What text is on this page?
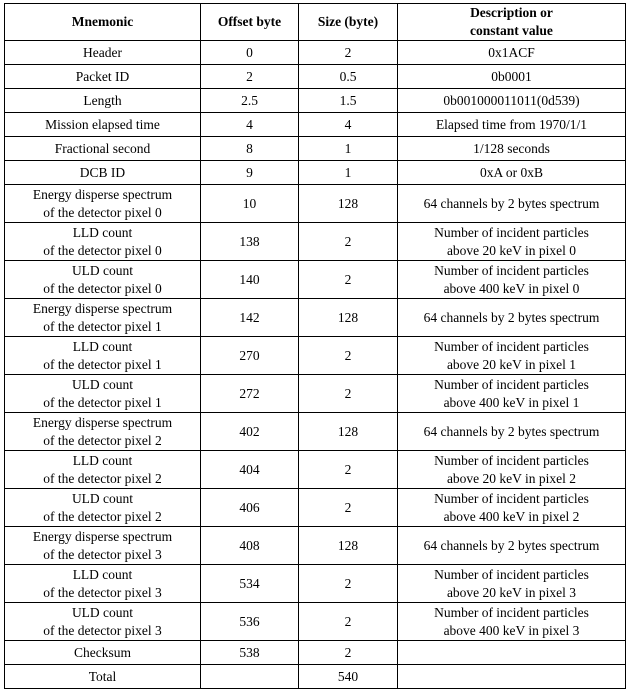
Mnemonic	Offset byte	Size (byte)	Description or
constant value
Header	0	2	0x1ACF
Packet ID	2	0.5	0b0001
Length	2.5	1.5	0b001000011011(0d539)
Mission elapsed time	4	4	Elapsed time from 1970/1/1
Fractional second	8	1	1/128 seconds
DCB ID	9	1	0xA or 0xB
Energy disperse spectrum
of the detector pixel 0	10	128	64 channels by 2 bytes spectrum
LLD count
of the detector pixel 0	138	2	Number of incident particles
above 20 keV in pixel 0
ULD count
of the detector pixel 0	140	2	Number of incident particles
above 400 keV in pixel 0
Energy disperse spectrum
of the detector pixel 1	142	128	64 channels by 2 bytes spectrum
LLD count
of the detector pixel 1	270	2	Number of incident particles
above 20 keV in pixel 1
ULD count
of the detector pixel 1	272	2	Number of incident particles
above 400 keV in pixel 1
Energy disperse spectrum
of the detector pixel 2	402	128	64 channels by 2 bytes spectrum
LLD count
of the detector pixel 2	404	2	Number of incident particles
above 20 keV in pixel 2
ULD count
of the detector pixel 2	406	2	Number of incident particles
above 400 keV in pixel 2
Energy disperse spectrum
of the detector pixel 3	408	128	64 channels by 2 bytes spectrum
LLD count
of the detector pixel 3	534	2	Number of incident particles
above 20 keV in pixel 3
ULD count
of the detector pixel 3	536	2	Number of incident particles
above 400 keV in pixel 3
Checksum	538	2	
Total		540	
